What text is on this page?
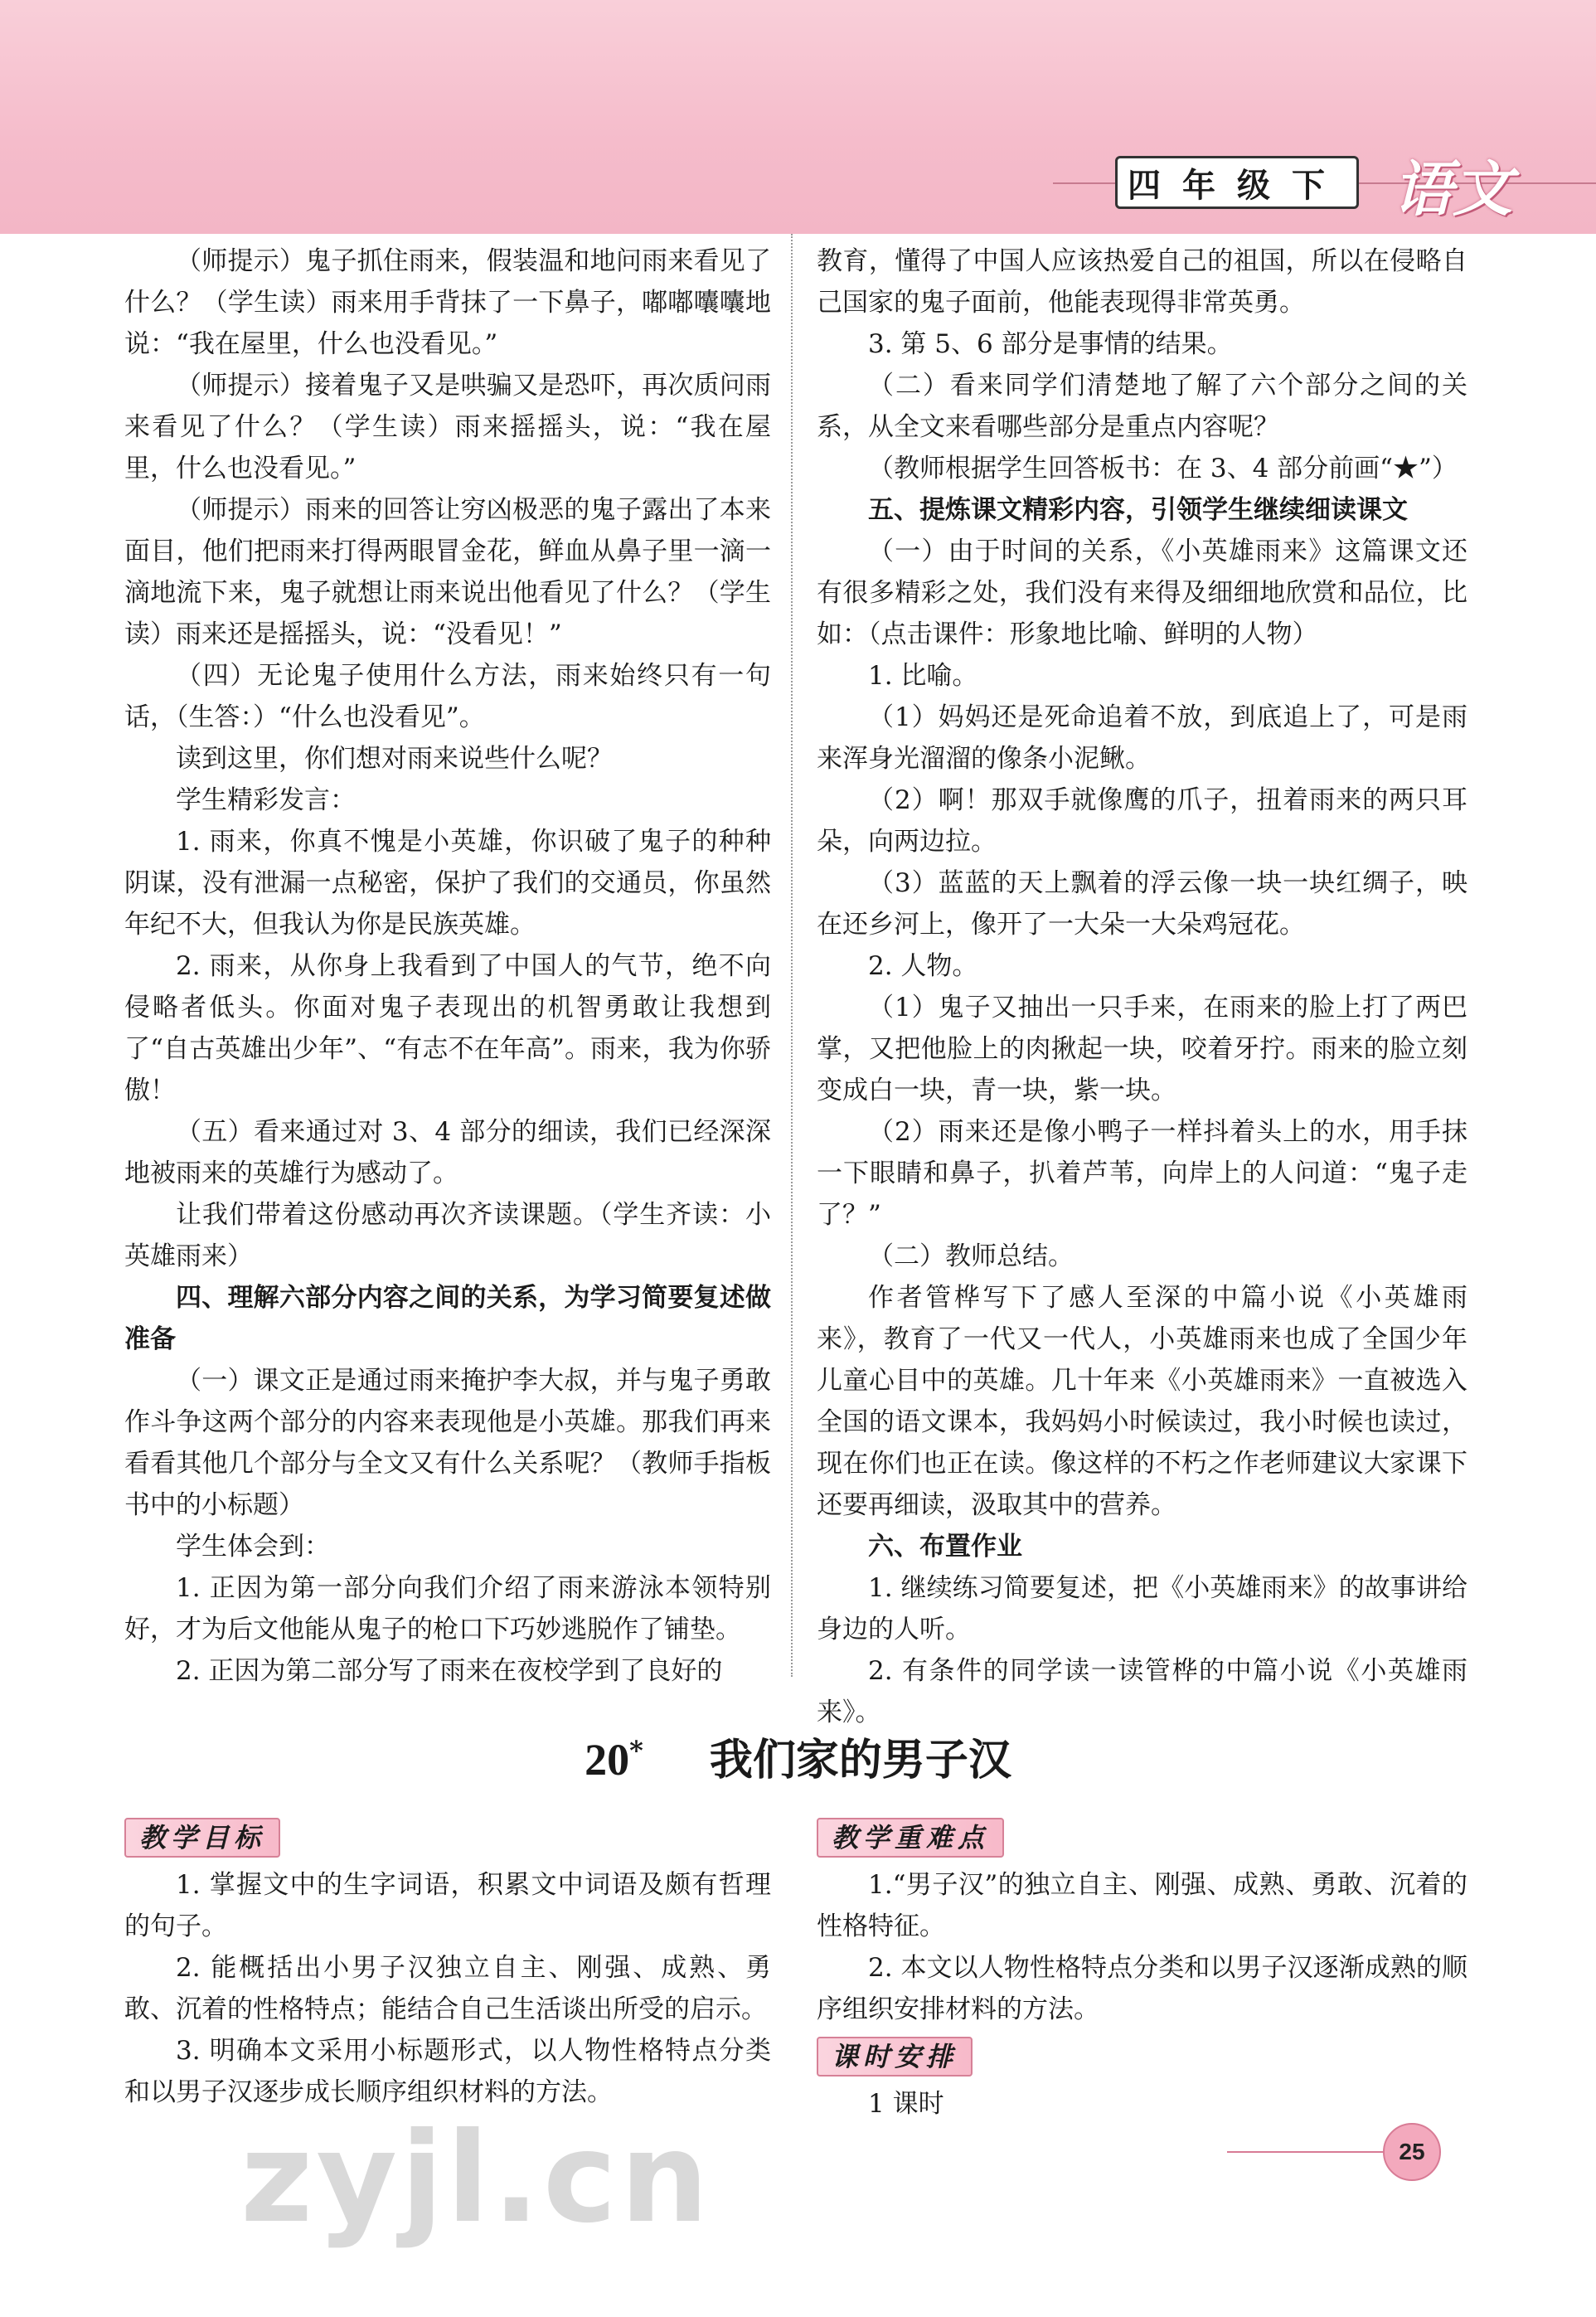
四年级下 语文

（师提示）鬼子抓住雨来，假装温和地问雨来看见了什么？（学生读）雨来用手背抹了一下鼻子，嘟嘟囔囔地说：“我在屋里，什么也没看见。”

（师提示）接着鬼子又是哄骗又是恐吓，再次质问雨来看见了什么？（学生读）雨来摇摇头，说：“我在屋里，什么也没看见。”

（师提示）雨来的回答让穷凶极恶的鬼子露出了本来面目，他们把雨来打得两眼冒金花，鲜血从鼻子里一滴一滴地流下来，鬼子就想让雨来说出他看见了什么？（学生读）雨来还是摇摇头，说：“没看见！”

（四）无论鬼子使用什么方法，雨来始终只有一句话，（生答：）“什么也没看见”。

读到这里，你们想对雨来说些什么呢？

学生精彩发言：

1. 雨来，你真不愧是小英雄，你识破了鬼子的种种阴谋，没有泄漏一点秘密，保护了我们的交通员，你虽然年纪不大，但我认为你是民族英雄。

2. 雨来，从你身上我看到了中国人的气节，绝不向侵略者低头。你面对鬼子表现出的机智勇敢让我想到了“自古英雄出少年”、“有志不在年高”。雨来，我为你骄傲！

（五）看来通过对 3、4 部分的细读，我们已经深深地被雨来的英雄行为感动了。

让我们带着这份感动再次齐读课题。（学生齐读：小英雄雨来）

四、理解六部分内容之间的关系，为学习简要复述做准备

（一）课文正是通过雨来掩护李大叔，并与鬼子勇敢作斗争这两个部分的内容来表现他是小英雄。那我们再来看看其他几个部分与全文又有什么关系呢？（教师手指板书中的小标题）

学生体会到：

1. 正因为第一部分向我们介绍了雨来游泳本领特别好，才为后文他能从鬼子的枪口下巧妙逃脱作了铺垫。

2. 正因为第二部分写了雨来在夜校学到了良好的

教育，懂得了中国人应该热爱自己的祖国，所以在侵略自己国家的鬼子面前，他能表现得非常英勇。

3. 第 5、6 部分是事情的结果。

（二）看来同学们清楚地了解了六个部分之间的关系，从全文来看哪些部分是重点内容呢？

（教师根据学生回答板书：在 3、4 部分前画“★”）

五、提炼课文精彩内容，引领学生继续细读课文

（一）由于时间的关系，《小英雄雨来》这篇课文还有很多精彩之处，我们没有来得及细细地欣赏和品位，比如：（点击课件：形象地比喻、鲜明的人物）

1. 比喻。

（1）妈妈还是死命追着不放，到底追上了，可是雨来浑身光溜溜的像条小泥鳅。

（2）啊！那双手就像鹰的爪子，扭着雨来的两只耳朵，向两边拉。

（3）蓝蓝的天上飘着的浮云像一块一块红绸子，映在还乡河上，像开了一大朵一大朵鸡冠花。

2. 人物。

（1）鬼子又抽出一只手来，在雨来的脸上打了两巴掌，又把他脸上的肉揪起一块，咬着牙拧。雨来的脸立刻变成白一块，青一块，紫一块。

（2）雨来还是像小鸭子一样抖着头上的水，用手抹一下眼睛和鼻子，扒着芦苇，向岸上的人问道：“鬼子走了？”

（二）教师总结。

作者管桦写下了感人至深的中篇小说《小英雄雨来》，教育了一代又一代人，小英雄雨来也成了全国少年儿童心目中的英雄。几十年来《小英雄雨来》一直被选入全国的语文课本，我妈妈小时候读过，我小时候也读过，现在你们也正在读。像这样的不朽之作老师建议大家课下还要再细读，汲取其中的营养。

六、布置作业

1. 继续练习简要复述，把《小英雄雨来》的故事讲给身边的人听。

2. 有条件的同学读一读管桦的中篇小说《小英雄雨来》。

20* 我们家的男子汉
教学目标

1. 掌握文中的生字词语，积累文中词语及颇有哲理的句子。

2. 能概括出小男子汉独立自主、刚强、成熟、勇敢、沉着的性格特点；能结合自己生活谈出所受的启示。

3. 明确本文采用小标题形式，以人物性格特点分类和以男子汉逐步成长顺序组织材料的方法。

教学重难点

1.“男子汉”的独立自主、刚强、成熟、勇敢、沉着的性格特征。

2. 本文以人物性格特点分类和以男子汉逐渐成熟的顺序组织安排材料的方法。

课时安排

1 课时

25
zyjl.cn
